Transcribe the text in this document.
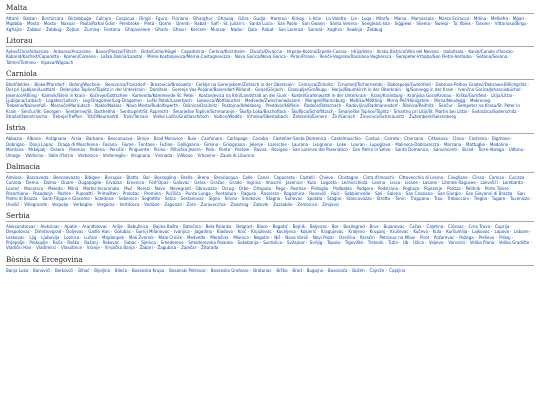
Malta
Attard· Balzan· Birchircara· Birżebbuġa· Calcara· Cospicua· Dingli· Fgura· Floriana· Għargħur· Għaxaq· Gżira· Gudja· Ħamrun· Kirkop· L-Iklin· La Valetta· Lia· Luqa· Mtarfa· Marsa· Marsascala· Marsa Scirocco· Mdina· Mellieħa· Mġarr· Mqabba· Mosta· Mosta· Naxxar· Paola/Raħal Ġdid· Pembroke· Pietà· Qormi· Qrendi· Rabat· Safi· St. Julian's· Santa Lucia· San Paolo· San Ġwann· Santa Venera· Senglea/L-Isla· Siġġiewi· Sliema· Swieqi· Ta' Xbiex· Tarxien· Vittoriosa/Birgu· Xgħajra· Żabbar· Żebbuġ· Żejtun· Żurrieq· Fontana· Għajnsielem· Għarb· Għasri· Kerċem· Munxar· Nadur· Qala· Rabat· San Lorenzo· Sannat· Xagħra· Xewkija· Żebbuġ
Litorau
Ajdovščina/Aidussina· Ankaran/Ancarano· Bovec/Plezzo/Flitsch· Brda/Collio/Hügel· Capodistria· Cerkno/Kirchheim· Divača/Divaccia· Hrpelje-Kozina/Erpelle-Cosina· Idrija/Idria· Ilirska Bistrica/Villa del Nevoso· Izola/Isola· Kanal/Canale d'Isonzo· Kobarid/Karfreit/Caporetto· Komen/Comeno· Loška Dolina/Laastal· Miren-Kostanjevica/Merna-Castagnevizza· Nova Gorica/Nova Gorica· Piran/Pirano· Renče-Vogrsko/Ranziano-Voghersca· Šempeter-Vrtojba/San Pietro-Vertoiba· Sežana/Sesana· Tolmin/Tolmino· Vipava/Wippach
Carniola
Bled/Veldes· Bloke/Pfarrdorf· Bohinj/Wochein· Borovnica/Franzdorf· Brezovica/Bresowitz· Cerklje na Gorenjskem/Zirklach in der Oberkrain· Cerknica/Zirknitz· Črnomelj/Tschernembl· Dobrepolje/Gutenfeld· Dobrova-Polhov Gradec/Dobrawa-Billichgrätz· Dol pri Ljubljani/Lusttahl· Dolenjske Toplice/Töplitz in der Unterkrain· Domžale· Gorenja Vas-Poljane/Baiersdorf-Pölland· Gorje/Görjach· Grosuplje/Großlupp· Horjul/Baumkirch in der Oberkrain· Ig/Sonnegg in der Krain· Ivančna Gorica/Johannisbüchel· Jesenice/Aßling· Kamnik/Stein in Krain· Kočevje/Gottschee· Komenda/Kommende St. Peter· Kostanjevica na Krki/Landstraß an der Gurk· Kostel/Grafenwarth in der Unterkrain· Kranj/Krainburg· Kranjska Gora/Kronau· Krško/Gurkfeld· Litija/Littai· Ljubljana/Laibach· Logatec/Loitsch· Log-Dragomer/Log-Dragomer· Loški Potok/Laserbach· Lukovica/Wolfsbüchel· Medvode/Zwischenwässern· Mengeš/Mannsburg· Metlika/Möttling· Mirna Peč/Hönigstein· Mirna/Neudegg· Mokronog-Trebelno/Nassenfuß· Moravče/Moräutsch· Naklo/Naklas· Novo Mesto/Rudolfswerth· Osilnica/Ossilnitz· Postojna/Adelsberg· Preddvor/Höflein· Radeče/Ratschach· Radovljica/Radmannsdorf· Ribnica/Reifnitz· Šenčur· Šempeter na Krasu/St. Peter in Krain· Šenčur/St. Georgen· Sentjernej/St. Barthelmä· Sentrupert/St. Ruprecht· Šmarješke Toplice/Schmaranje· Škofja Loka/Bischoflack· Škofljica/Schöflitzsch· Šmarješke Toplice/Töplitz· Šmartno pri Litiji/St. Martin bei Littai· Sodražica/Soderschitz· Straža/Oberstrascha· Trebnje/Treffen· Tržič/Neumarktl· Trzin/Tersain· Velike Lašče/Großlaschitsch· Vodice/Woditz· Vrhnika/Oberlaibach· Železniki/Eisnern· Žiri/Sairach· Žirovnica/Scheraunitz· Žužemberk/Seisenberg
Istria
Abbazia· Albona· Antignana· Arsia· Barbana· Bescanuova· Brinje· Brod Moravice· Buie· Canfanaro· Carlopago· Caroiba· Castellier-Santa Domenica· Castelmuschio· Castua· Cerreto· Chersano· Cittanova· Clana· Costrena· Digmano· Dobrigno· Donji Lapac· Draga di Moschiena· Fasana· Fiume· Fontane· Fužine· Galliganna· Gimino· Grisignana· Jelenje· Lanischie· Laurana· Lisignano· Loke· Lovran· Lupoglava· Malinsca-Dobrasnizza· Marzana· Mattuglie· Medolino· Montona· Mrkopalj· Ossero· Parenzo· Pedena· Perušić· Pinguente· Pisino· Plitvička Jezera· Pola· Ponte· Portole· Ravna· Rovigno· San Lorenzo del Pasenatico· San Pietro in Selve· Santa Domenica· Sanvincenti· Skrad· Torre-Abrega· Udbina· Umago· Valdivino· Valle d'Istria· Verbenico· Verteneglio· Visignano· Visinada· Villkovo· Vrhovine· Zaule di Liburnia
Dalmacia
Almissa· Bascavoda· Benceovazzo· Bibigne· Biscupia· Blatta· Bol· Bossoglina· Brella· Breno· Brevilacqua· Calle· Canal· Capocesto· Castelli· Chievo· Chistagne· Cista d'Imoschi· Cittavecchia di Lesina· Civigliane· Clissa· Comisa· Cucizza· Curzola· Demis· Dizmo· Duare· Dugopoglie· Ervazza· Ervenico· Fort'Opus· Galovac· Gelsa· Gračac· Grado· Ingrina· Imoschi· Jasenice· Kula· Lagosta· Lechicichiola· Lesina· Lissa· Lisane· Lasane· Literale Ragusee· Lokvičići· Lombarda· Lovreć· Macarsca· Meleda· Milnà· Morter-Incoronate· Muć· Nerezi· Novo· Novegradi· Obrovazzo· Ocrug· Orbe· Ortopola· Pago· Pasman· Pirdoglio· Podbabla· Podgora· Podstrana· Poglizza· Pojezerje· Polizza· Politnik· Porto Tolero· Posorhiane· Posedarje· Postire· Pupnatti· Primošten· Proložac· Promina· Pučišća· Punta Lunga· Puntadura· Ragusa· Rasserzo· Rogoznica· Runovići· Ruić· Sabbioncello· Sali· Salona· San Cassiano· San Giorgio· San Giovanni di Brazza· San Pietro di Brazza· Santi Filippo e Giacomo· Scardona· Sebenico· Seghetto· Selca· Sestanovac· Signo· Slivno· Smokovic· Stagno· Suhovac· Spalato· Stagno· Stancovazzo· Stretto· Tenin· Trappano· Traù· Trebocconi· Treglia· Tugare· Tucenizzo· Unešić· Villegrande· Verpolje· Verbeglie· Vergorac· Vertilosca· Vodizze· Zagvozd· Zara· Zaravecchia· Zaostrog· Zatovik· Zazzabile· Zemonico· Zmijavci
Serbia
Aleksandrovac· Aleksinac· Apatin· Aranđelovac· Arilje· Babušnica· Bajina Bašta· Batočina· Bela Palanka· Belgrad· Blace· Bogatić· Bojnik· Boljevac· Bor· Bosilegrad· Brus· Bujanovac· Čačak· Čajetina· Ćićevac· Crna Trava· Ćuprija· Despotovac· Dimitrovgrad· Doljevac· Gađin Han· Golubac· Gornji Milanovac· Ivanjica· Jagodina· Kladovo· Knić· Knjaževac· Koceljeva· Kosjerić· Kragujevac· Kraljevo· Krupanj· Kruševac· Kučevo· Kula· Kuršumlija· Lajkovac· Lapovo· Lebane· Leskovac· Ljig· Ljubovija· Loznica· Lučani· Majdanpek· Mali Zvornik· Malo Crniće· Medveđa· Merošina· Mionica· Negotin· Niš· Nova Varoš· Novi Pazar· Osečina· Paraćin· Petrovac na Mlavi· Pirot· Požarevac· Požega· Preševo· Priboj· Prijepolje· Prokuplje· Rača· Raška· Ražanj· Rekovac· Sabac· Sjenica· Smederevo· Smederevska Palanka· Sokobanja· Surdulica· Svilajnac· Svrljig· Topola· Trgovište· Trstenik· Tutin· Ub· Užice· Valjevo· Varvarin· Velika Plana· Veliko Gradište· Vladičin Han· Vladimirci· Vlasotince· Vranje· Vrnjačka Banja· Žabari· Žagubica· Zaječar· Žitorađa
Bòsnia & Ercegovina
Banja Luka· Banovići· Berkovići· Bihać· Bijeljina· Bileća· Bosanska Krupa· Bosanski Petrovac· Bosansko Grahovo· Bratunac· Brčko· Brod· Bugojno· Busovača· Bužim· Čajniče· Čapljina
